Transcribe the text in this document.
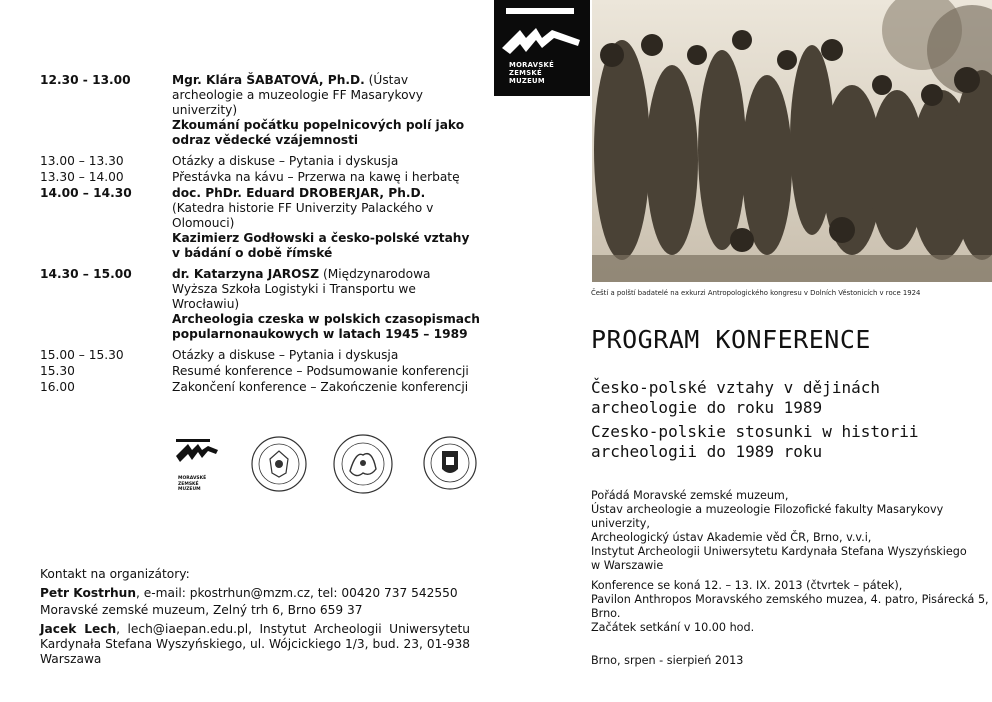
12.30 - 13.00	Mgr. Klára ŠABATOVÁ, Ph.D. (Ústav archeologie a muzeologie FF Masarykovy univerzity)
Zkoumání počátku popelnicových polí jako odraz vědecké vzájemnosti
13.00 – 13.30	Otázky a diskuse – Pytania i dyskusja
13.30 – 14.00	Přestávka na kávu – Przerwa na kawę i herbatę
14.00 – 14.30	doc. PhDr. Eduard DROBERJAR, Ph.D. (Katedra historie FF Univerzity Palackého v Olomouci)
Kazimierz Godłowski a česko-polské vztahy v bádání o době římské
14.30 – 15.00	dr. Katarzyna JAROSZ (Międzynarodowa Wyższa Szkoła Logistyki i Transportu we Wrocławiu)
Archeologia czeska w polskich czasopismach popularnonaukowych w latach 1945 – 1989
15.00 – 15.30	Otázky a diskuse – Pytania i dyskusja
15.30	Resumé konference – Podsumowanie konferencji
16.00	Zakončení konference – Zakończenie konferencji
MORAVSKÉ
ZEMSKÉ
MUZEUM

Kontakt na organizátory:

Petr Kostrhun, e-mail: pkostrhun@mzm.cz, tel: 00420 737 542550

Moravské zemské muzeum, Zelný trh 6, Brno 659 37

Jacek Lech, lech@iaepan.edu.pl, Instytut Archeologii Uniwersytetu Kardynała Stefana Wyszyńskiego, ul. Wójcickiego 1/3, bud. 23, 01-938 Warszawa

MORAVSKÉ
ZEMSKÉ
MUZEUM
Čeští a polští badatelé na exkurzi Antropologického kongresu v Dolních Věstonicích v roce 1924
PROGRAM KONFERENCE
Česko-polské vztahy v dějinách archeologie do roku 1989
Czesko-polskie stosunki w historii archeologii do 1989 roku

Pořádá Moravské zemské muzeum,

Ústav archeologie a muzeologie Filozofické fakulty Masarykovy univerzity,

Archeologický ústav Akademie věd ČR, Brno, v.v.i,

Instytut Archeologii Uniwersytetu Kardynała Stefana Wyszyńskiego

w Warszawie

Konference se koná 12. – 13. IX. 2013 (čtvrtek – pátek),

Pavilon Anthropos Moravského zemského muzea, 4. patro, Pisárecká 5,

Brno.

Začátek setkání v 10.00 hod.

Brno, srpen - sierpień 2013
